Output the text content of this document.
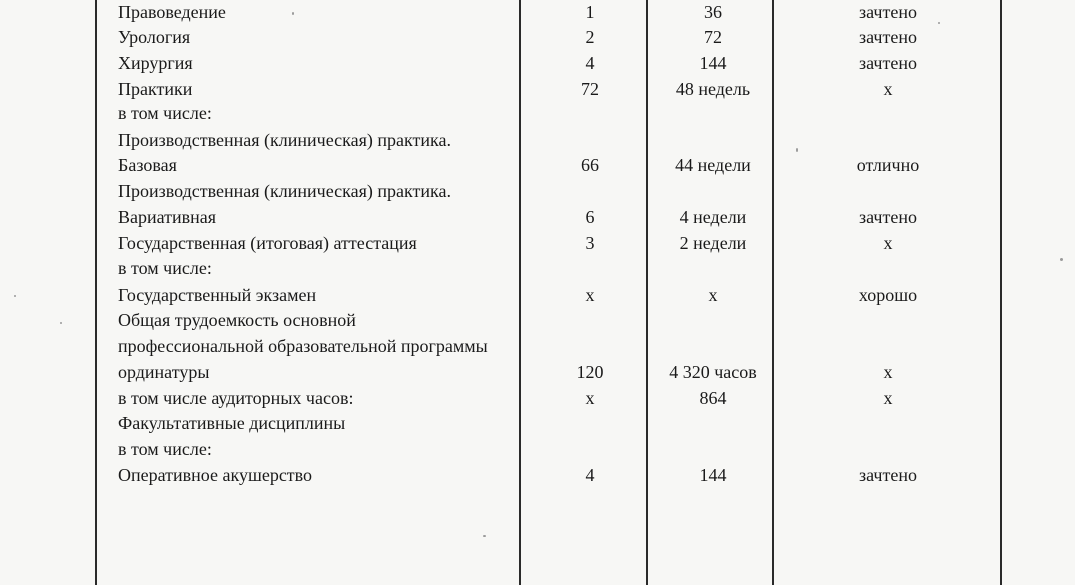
Правоведение	1	36	зачтено
Урология	2	72	зачтено
Хирургия	4	144	зачтено
Практики	72	48 недель	х
в том числе:
Производственная (клиническая) практика.
Базовая	66	44 недели	отлично
Производственная (клиническая) практика.
Вариативная	6	4 недели	зачтено
Государственная (итоговая) аттестация	3	2 недели	х
в том числе:
Государственный экзамен	х	х	хорошо
Общая трудоемкость основной
профессиональной образовательной программы
ординатуры	120	4 320 часов	х
в том числе аудиторных часов:	х	864	х
Факультативные дисциплины
в том числе:
Оперативное акушерство	4	144	зачтено
